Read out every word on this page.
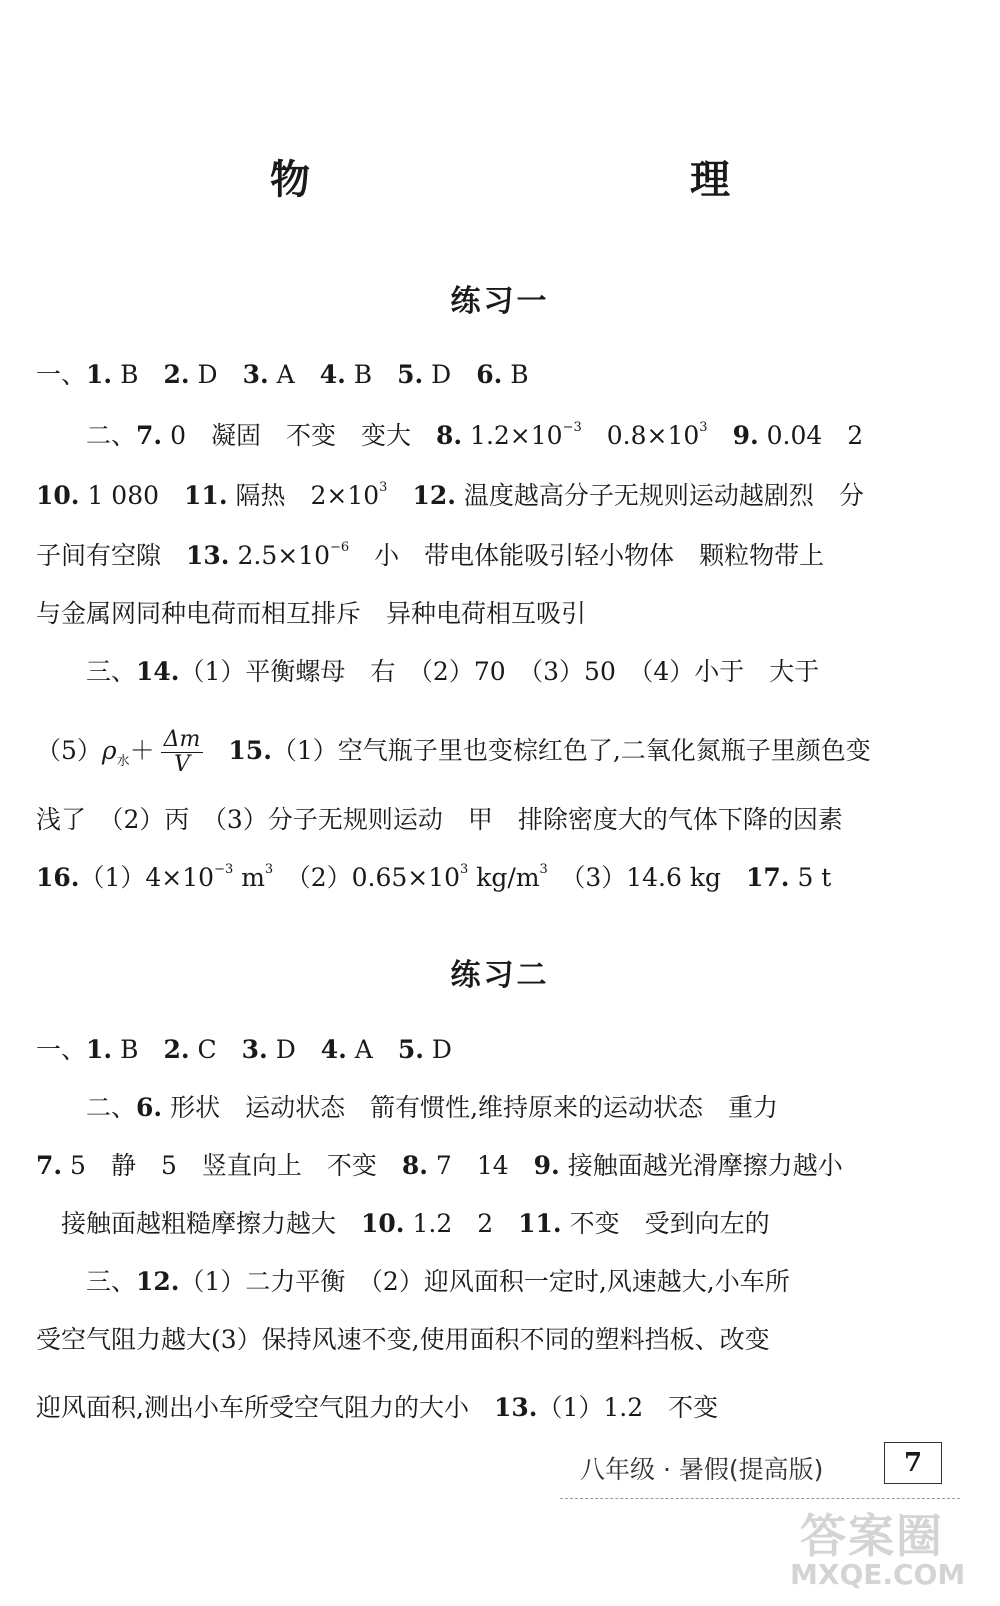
物　　理
练习一
一、1. B　2. D　3. A　4. B　5. D　6. B
　　二、7. 0　凝固　不变　变大　8. $1.2\times 10^{-3}$　$0.8\times 10^3$　 9. 0.04　2
10. 1 080　11. 隔热　$2\times 10^3$　 12. 温度越高分子无规则运动越剧烈　分
子间有空隙　13. $2.5\times 10^{-6}$　小　带电体能吸引轻小物体　颗粒物带上
与金属网同种电荷而相互排斥　异种电荷相互吸引
　　三、14.（1）平衡螺母　右　（2）70　（3）50　（4）小于　大于
$(5)\rho_水+ \frac{\Delta m}{V}$
　 15.（1）空气瓶子里也变棕红色了,二氧化氮瓶子里颜色变
浅了　（2）丙　（3）分子无规则运动　甲　排除密度大的气体下降的因素
$16.(1)4\times 10^{-3}$ $m^3$　$(2)0.65\times 10^3$ $kg/m^3$　（3）14.6 kg　17. 5 t
练习二
一、1. B　2. C　3. D　4. A　5. D
　　二、6. 形状　运动状态　箭有惯性,维持原来的运动状态　重力
7. 5　静　5　竖直向上　不变　8. 7　14　9. 接触面越光滑摩擦力越小
　接触面越粗糙摩擦力越大　10. 1.2　2　11. 不变　受到向左的
　　三、12.（1）二力平衡　（2）迎风面积一定时,风速越大,小车所
受空气阻力越大(3）保持风速不变,使用面积不同的塑料挡板、改变
迎风面积,测出小车所受空气阻力的大小　13.（1）1.2　不变
八年级 · 暑假(提高版)	7
答案圈
MXQE.COM
